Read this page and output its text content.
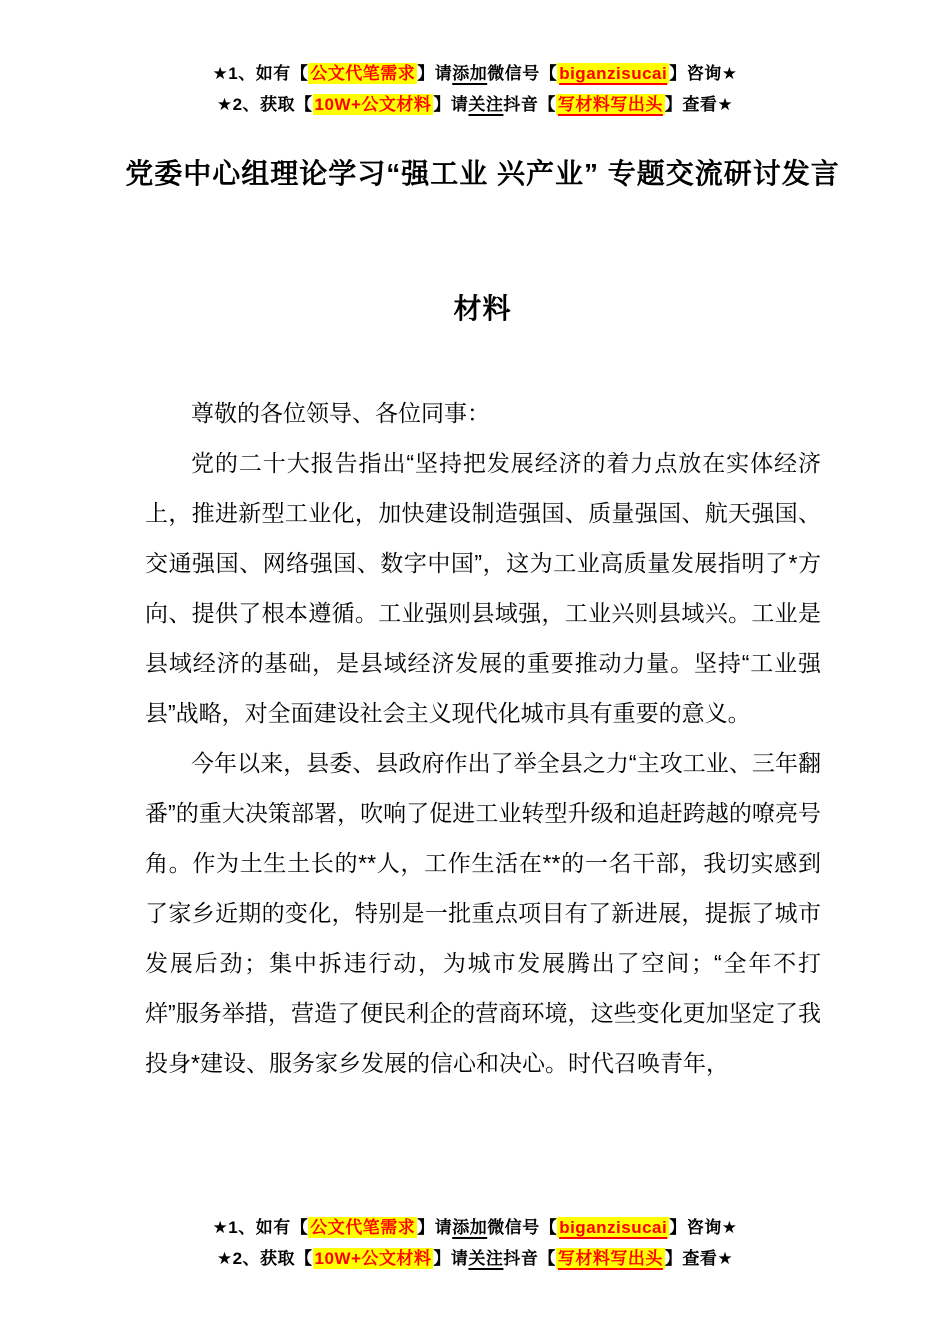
★1、如有【 公文代笔需求 】请添加微信号【 biganzisucai 】咨询★
★2、获取【 10W+公文材料 】请关注抖音【 写材料写出头 】查看★
党委中心组理论学习“强工业 兴产业” 专题交流研讨发言
材料

尊敬的各位领导、各位同事：

党的二十大报告指出“坚持把发展经济的着力点放在实体经济上，推进新型工业化，加快建设制造强国、质量强国、航天强国、交通强国、网络强国、数字中国”，这为工业高质量发展指明了*方向、提供了根本遵循。工业强则县域强，工业兴则县域兴。工业是县域经济的基础，是县域经济发展的重要推动力量。坚持“工业强县”战略，对全面建设社会主义现代化城市具有重要的意义。

今年以来，县委、县政府作出了举全县之力“主攻工业、三年翻番”的重大决策部署，吹响了促进工业转型升级和追赶跨越的嘹亮号角。作为土生土长的**人，工作生活在**的一名干部，我切实感到了家乡近期的变化，特别是一批重点项目有了新进展，提振了城市发展后劲；集中拆违行动，为城市发展腾出了空间；“全年不打烊”服务举措，营造了便民利企的营商环境，这些变化更加坚定了我投身*建设、服务家乡发展的信心和决心。时代召唤青年，

★1、如有【 公文代笔需求 】请添加微信号【 biganzisucai 】咨询★
★2、获取【 10W+公文材料 】请关注抖音【 写材料写出头 】查看★
